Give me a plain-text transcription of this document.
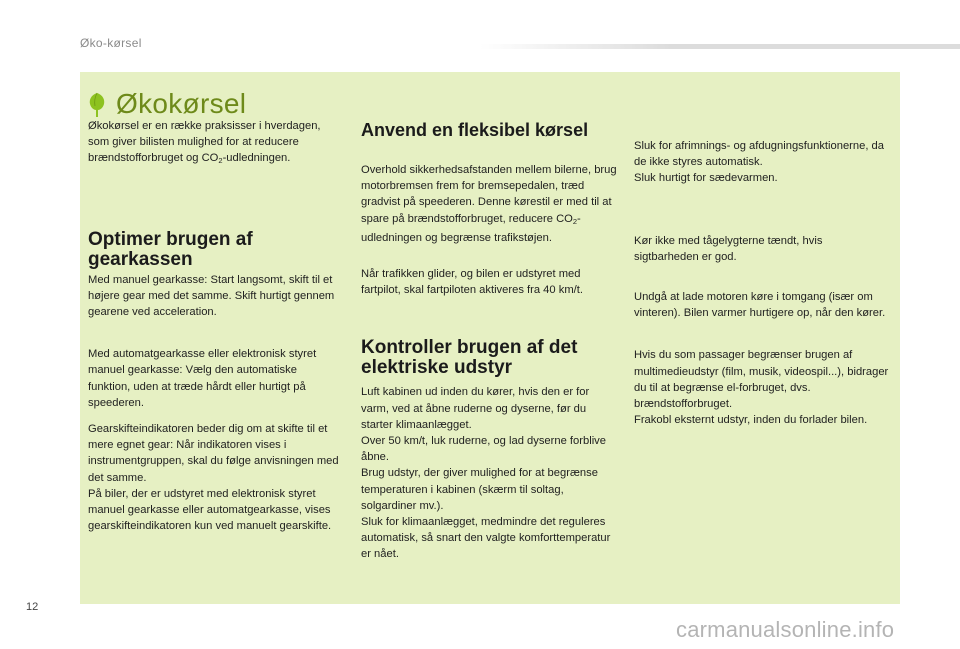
Øko-kørsel
Økokørsel

Økokørsel er en række praksisser i hverdagen, som giver bilisten mulighed for at reducere brændstofforbruget og $CO_2$-udledningen.

Optimer brugen af gearkassen

Med manuel gearkasse: Start langsomt, skift til et højere gear med det samme. Skift hurtigt gennem gearene ved acceleration.

Med automatgearkasse eller elektronisk styret manuel gearkasse: Vælg den automatiske funktion, uden at træde hårdt eller hurtigt på speederen.

Gearskifteindikatoren beder dig om at skifte til et mere egnet gear: Når indikatoren vises i instrumentgruppen, skal du følge anvisningen med det samme.

På biler, der er udstyret med elektronisk styret manuel gearkasse eller automatgearkasse, vises gearskifteindikatoren kun ved manuelt gearskifte.

Anvend en fleksibel kørsel

Overhold sikkerhedsafstanden mellem bilerne, brug motorbremsen frem for bremsepedalen, træd gradvist på speederen. Denne kørestil er med til at spare på brændstofforbruget, reducere $CO_2$-udledningen og begrænse trafikstøjen.

Når trafikken glider, og bilen er udstyret med fartpilot, skal fartpiloten aktiveres fra 40 km/t.

Kontroller brugen af det elektriske udstyr

Luft kabinen ud inden du kører, hvis den er for varm, ved at åbne ruderne og dyserne, før du starter klimaanlægget.

Over 50 km/t, luk ruderne, og lad dyserne forblive åbne.

Brug udstyr, der giver mulighed for at begrænse temperaturen i kabinen (skærm til soltag, solgardiner mv.).

Sluk for klimaanlægget, medmindre det reguleres automatisk, så snart den valgte komforttemperatur er nået.

Sluk for afrimnings- og afdugningsfunktionerne, da de ikke styres automatisk.

Sluk hurtigt for sædevarmen.

Kør ikke med tågelygterne tændt, hvis sigtbarheden er god.

Undgå at lade motoren køre i tomgang (især om vinteren). Bilen varmer hurtigere op, når den kører.

Hvis du som passager begrænser brugen af multimedieudstyr (film, musik, videospil...), bidrager du til at begrænse el-forbruget, dvs. brændstofforbruget.

Frakobl eksternt udstyr, inden du forlader bilen.

12
carmanualsonline.info
